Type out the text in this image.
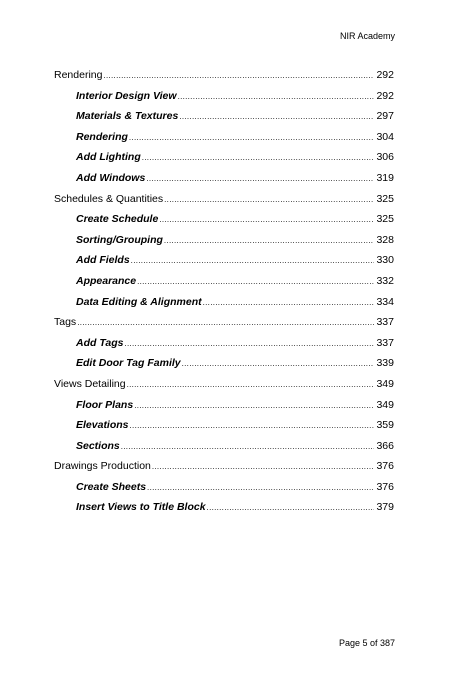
NIR Academy
Rendering .....	292
Interior Design View .....	292
Materials & Textures .....	297
Rendering .....	304
Add Lighting .....	306
Add Windows .....	319
Schedules & Quantities .....	325
Create Schedule .....	325
Sorting/Grouping .....	328
Add Fields .....	330
Appearance .....	332
Data Editing & Alignment .....	334
Tags .....	337
Add Tags .....	337
Edit Door Tag Family .....	339
Views Detailing .....	349
Floor Plans .....	349
Elevations .....	359
Sections .....	366
Drawings Production .....	376
Create Sheets .....	376
Insert Views to Title Block .....	379
Page 5 of 387
